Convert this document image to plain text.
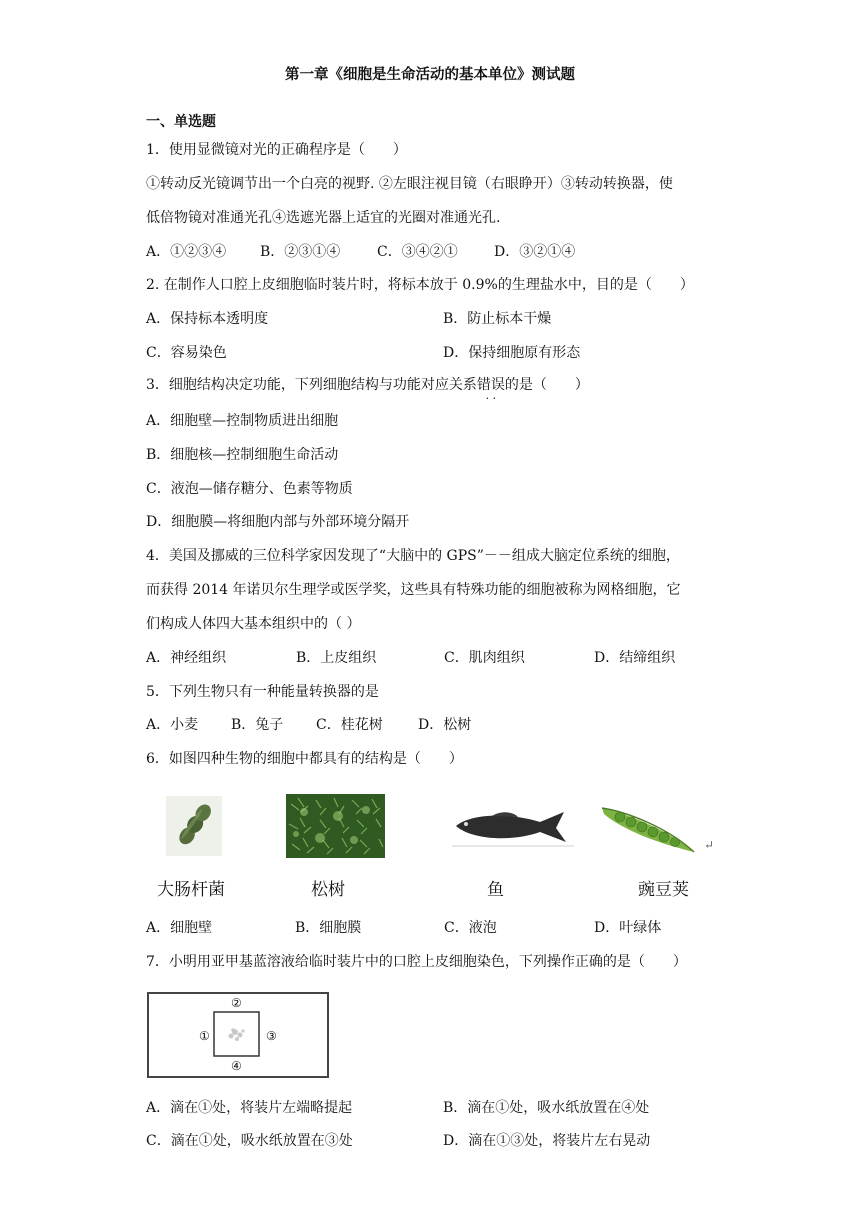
第一章《细胞是生命活动的基本单位》测试题
一、单选题
1．使用显微镜对光的正确程序是（　　）
①转动反光镜调节出一个白亮的视野. ②左眼注视目镜（右眼睁开）③转动转换器，使
低倍物镜对准通光孔④选遮光器上适宜的光圈对准通光孔.
A．①②③④ B．②③①④	C．③④②①	D．③②①④
2. 在制作人口腔上皮细胞临时装片时，将标本放于 0.9%的生理盐水中，目的是（　　）
A．保持标本透明度	B．防止标本干燥
C．容易染色	D．保持细胞原有形态
3．细胞结构决定功能，下列细胞结构与功能对应关系错误 · ·的是（　　）
A．细胞壁—控制物质进出细胞
B．细胞核—控制细胞生命活动
C．液泡—储存糖分、色素等物质
D．细胞膜—将细胞内部与外部环境分隔开
4．美国及挪威的三位科学家因发现了“大脑中的 GPS”－－组成大脑定位系统的细胞，
而获得 2014 年诺贝尔生理学或医学奖，这些具有特殊功能的细胞被称为网格细胞，它
们构成人体四大基本组织中的（ ）
A．神经组织	B．上皮组织	C．肌肉组织	D．结缔组织
5．下列生物只有一种能量转换器的是
A．小麦 B．兔子 C．桂花树	D．松树
6．如图四种生物的细胞中都具有的结构是（　　）
↵
大肠杆菌	松树	鱼	豌豆荚
A．细胞壁	B．细胞膜	C．液泡	D．叶绿体
7．小明用亚甲基蓝溶液给临时装片中的口腔上皮细胞染色，下列操作正确的是（　　）
②
①	③
④
A．滴在①处，将装片左端略提起	B．滴在①处，吸水纸放置在④处
C．滴在①处，吸水纸放置在③处	D．滴在①③处，将装片左右晃动
